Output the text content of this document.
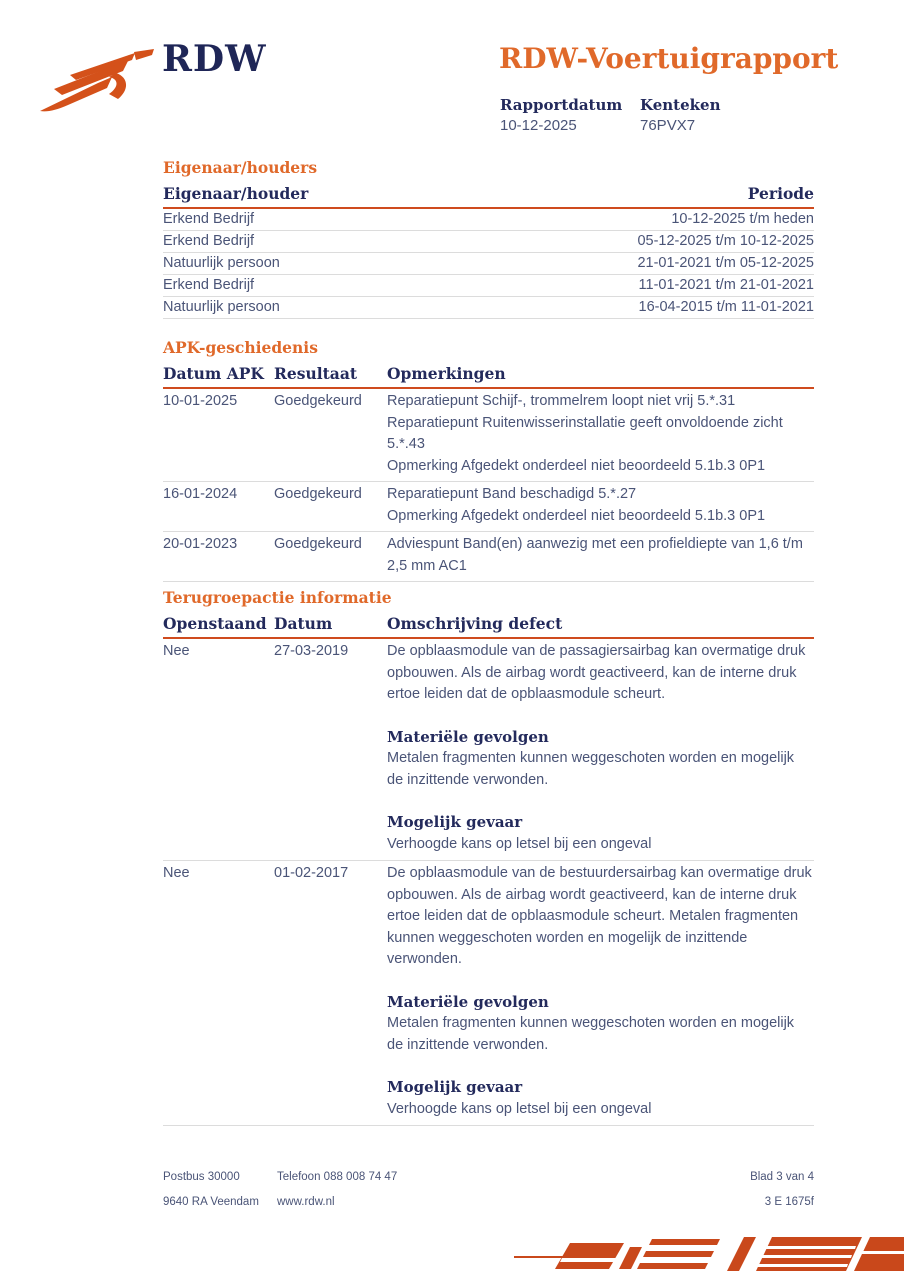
RDW	RDW-Voertuigrapport
Rapportdatum Kenteken
10-12-2025	76PVX7
Eigenaar/houders
Eigenaar/houder	Periode
Erkend Bedrijf	10-12-2025 t/m heden
Erkend Bedrijf	05-12-2025 t/m 10-12-2025
Natuurlijk persoon	21-01-2021 t/m 05-12-2025
Erkend Bedrijf	11-01-2021 t/m 21-01-2021
Natuurlijk persoon	16-04-2015 t/m 11-01-2021
APK-geschiedenis
Datum APK Resultaat	Opmerkingen
10-01-2025	Goedgekeurd	Reparatiepunt Schijf-, trommelrem loopt niet vrij 5.*.31
Reparatiepunt Ruitenwisserinstallatie geeft onvoldoende zicht 5.*.43
Opmerking Afgedekt onderdeel niet beoordeeld 5.1b.3 0P1
16-01-2024	Goedgekeurd	Reparatiepunt Band beschadigd 5.*.27
Opmerking Afgedekt onderdeel niet beoordeeld 5.1b.3 0P1
20-01-2023	Goedgekeurd	Adviespunt Band(en) aanwezig met een profieldiepte van 1,6 t/m 2,5 mm AC1
Terugroepactie informatie
Openstaand Datum	Omschrijving defect
Nee	27-03-2019	De opblaasmodule van de passagiersairbag kan overmatige druk opbouwen. Als de airbag wordt geactiveerd, kan de interne druk ertoe leiden dat de opblaasmodule scheurt.
Materiële gevolgen
Metalen fragmenten kunnen weggeschoten worden en mogelijk de inzittende verwonden.
Mogelijk gevaar
Verhoogde kans op letsel bij een ongeval
Nee	01-02-2017	De opblaasmodule van de bestuurdersairbag kan overmatige druk opbouwen. Als de airbag wordt geactiveerd, kan de interne druk ertoe leiden dat de opblaasmodule scheurt. Metalen fragmenten kunnen weggeschoten worden en mogelijk de inzittende verwonden.
Materiële gevolgen
Metalen fragmenten kunnen weggeschoten worden en mogelijk de inzittende verwonden.
Mogelijk gevaar
Verhoogde kans op letsel bij een ongeval
Postbus 30000
9640 RA Veendam
Telefoon 088 008 74 47
www.rdw.nl
Blad 3 van 4
3 E 1675f
